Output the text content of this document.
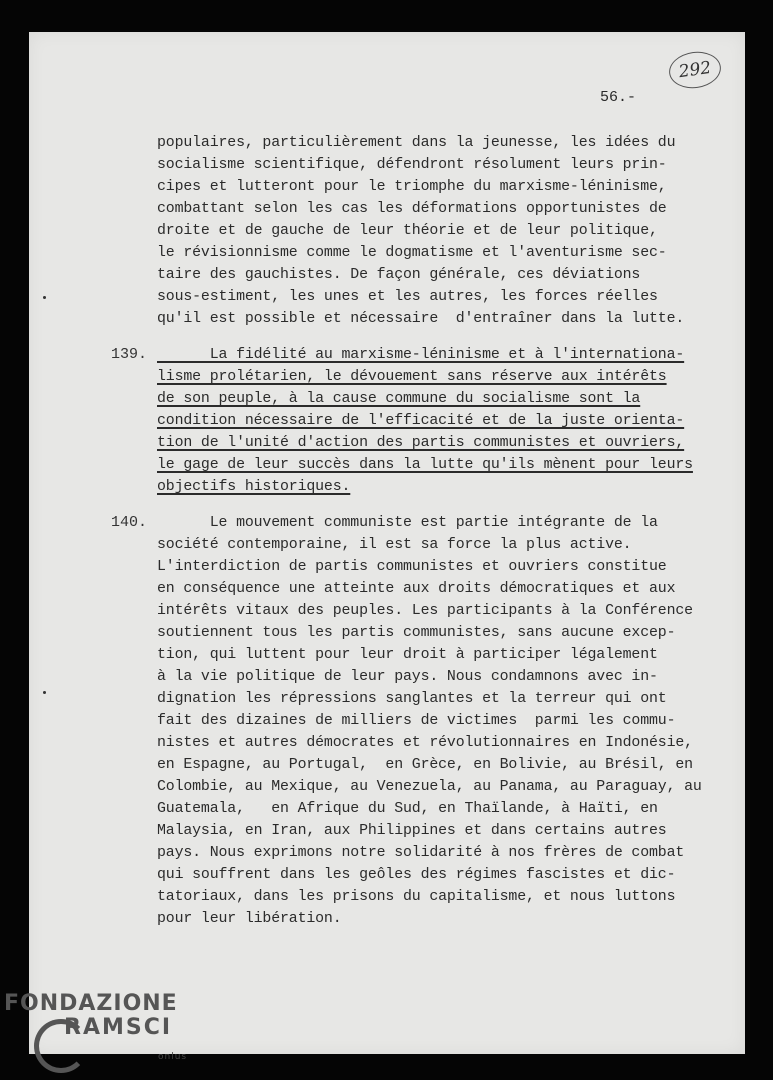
292
56.-
populaires, particulièrement dans la jeunesse, les idées du
socialisme scientifique, défendront résolument leurs prin-
cipes et lutteront pour le triomphe du marxisme-léninisme,
combattant selon les cas les déformations opportunistes de
droite et de gauche de leur théorie et de leur politique,
le révisionnisme comme le dogmatisme et l'aventurisme sec-
taire des gauchistes. De façon générale, ces déviations
sous-estiment, les unes et les autres, les forces réelles
qu'il est possible et nécessaire  d'entraîner dans la lutte.
139. La fidélité au marxisme-léninisme et à l'internationa-
lisme prolétarien, le dévouement sans réserve aux intérêts
de son peuple, à la cause commune du socialisme sont la
condition nécessaire de l'efficacité et de la juste orienta-
tion de l'unité d'action des partis communistes et ouvriers,
le gage de leur succès dans la lutte qu'ils mènent pour leurs
objectifs historiques.
140. Le mouvement communiste est partie intégrante de la
société contemporaine, il est sa force la plus active.
L'interdiction de partis communistes et ouvriers constitue
en conséquence une atteinte aux droits démocratiques et aux
intérêts vitaux des peuples. Les participants à la Conférence
soutiennent tous les partis communistes, sans aucune excep-
tion, qui luttent pour leur droit à participer légalement
à la vie politique de leur pays. Nous condamnons avec in-
dignation les répressions sanglantes et la terreur qui ont
fait des dizaines de milliers de victimes  parmi les commu-
nistes et autres démocrates et révolutionnaires en Indonésie,
en Espagne, au Portugal,  en Grèce, en Bolivie, au Brésil, en
Colombie, au Mexique, au Venezuela, au Panama, au Paraguay, au
Guatemala,   en Afrique du Sud, en Thaïlande, à Haïti, en
Malaysia, en Iran, aux Philippines et dans certains autres
pays. Nous exprimons notre solidarité à nos frères de combat
qui souffrent dans les geôles des régimes fascistes et dic-
tatoriaux, dans les prisons du capitalisme, et nous luttons
pour leur libération.
FONDAZIONE
RAMSCI
onlus
